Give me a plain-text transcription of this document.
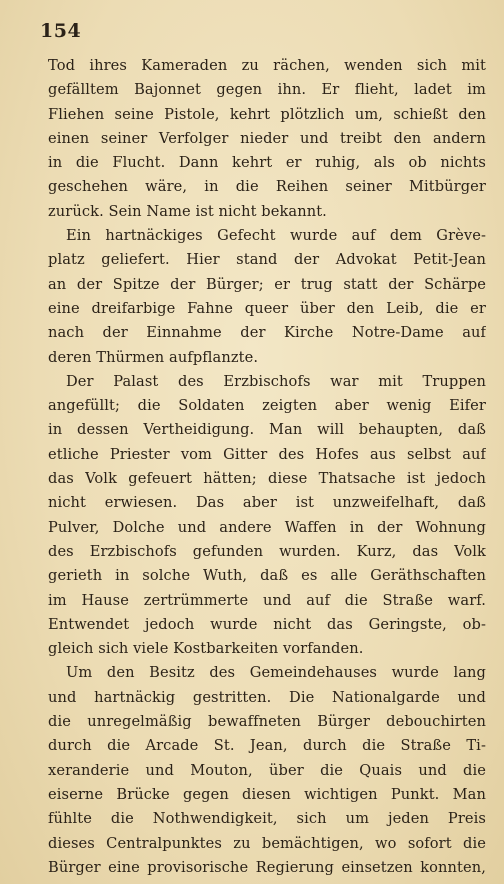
154
Tod ihres Kameraden zu rächen, wenden sich mit
gefälltem Bajonnet gegen ihn. Er flieht, ladet im
Fliehen seine Pistole, kehrt plötzlich um, schießt den
einen seiner Verfolger nieder und treibt den andern
in die Flucht. Dann kehrt er ruhig, als ob nichts
geschehen wäre, in die Reihen seiner Mitbürger
zurück. Sein Name ist nicht bekannt.
Ein hartnäckiges Gefecht wurde auf dem Grève-
platz geliefert. Hier stand der Advokat Petit-Jean
an der Spitze der Bürger; er trug statt der Schärpe
eine dreifarbige Fahne queer über den Leib, die er
nach der Einnahme der Kirche Notre-Dame auf
deren Thürmen aufpflanzte.
Der Palast des Erzbischofs war mit Truppen
angefüllt; die Soldaten zeigten aber wenig Eifer
in dessen Vertheidigung. Man will behaupten, daß
etliche Priester vom Gitter des Hofes aus selbst auf
das Volk gefeuert hätten; diese Thatsache ist jedoch
nicht erwiesen. Das aber ist unzweifelhaft, daß
Pulver, Dolche und andere Waffen in der Wohnung
des Erzbischofs gefunden wurden. Kurz, das Volk
gerieth in solche Wuth, daß es alle Geräthschaften
im Hause zertrümmerte und auf die Straße warf.
Entwendet jedoch wurde nicht das Geringste, ob-
gleich sich viele Kostbarkeiten vorfanden.
Um den Besitz des Gemeindehauses wurde lang
und hartnäckig gestritten. Die Nationalgarde und
die unregelmäßig bewaffneten Bürger debouchirten
durch die Arcade St. Jean, durch die Straße Ti-
xeranderie und Mouton, über die Quais und die
eiserne Brücke gegen diesen wichtigen Punkt. Man
fühlte die Nothwendigkeit, sich um jeden Preis
dieses Centralpunktes zu bemächtigen, wo sofort die
Bürger eine provisorische Regierung einsetzen konnten,
